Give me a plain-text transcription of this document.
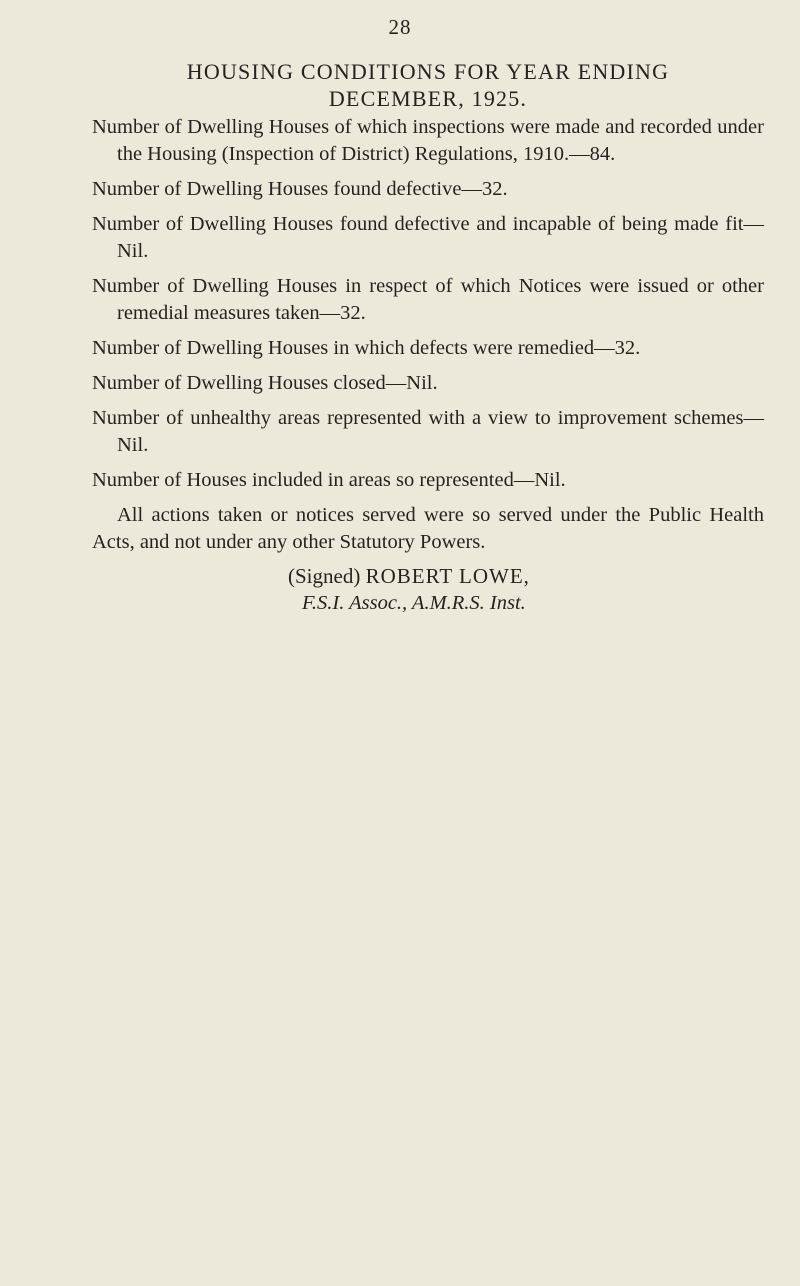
28
HOUSING CONDITIONS FOR YEAR ENDING
DECEMBER, 1925.

Number of Dwelling Houses of which inspections were made and recorded under the Housing (Inspection of District) Regulations, 1910.—84.

Number of Dwelling Houses found defective—32.

Number of Dwelling Houses found defective and incapable of being made fit—Nil.

Number of Dwelling Houses in respect of which Notices were issued or other remedial measures taken—32.

Number of Dwelling Houses in which defects were remedied—32.

Number of Dwelling Houses closed—Nil.

Number of unhealthy areas represented with a view to improvement schemes—Nil.

Number of Houses included in areas so represented—Nil.

All actions taken or notices served were so served under the Public Health Acts, and not under any other Statutory Powers.

(Signed) ROBERT LOWE,
F.S.I. Assoc., A.M.R.S. Inst.
